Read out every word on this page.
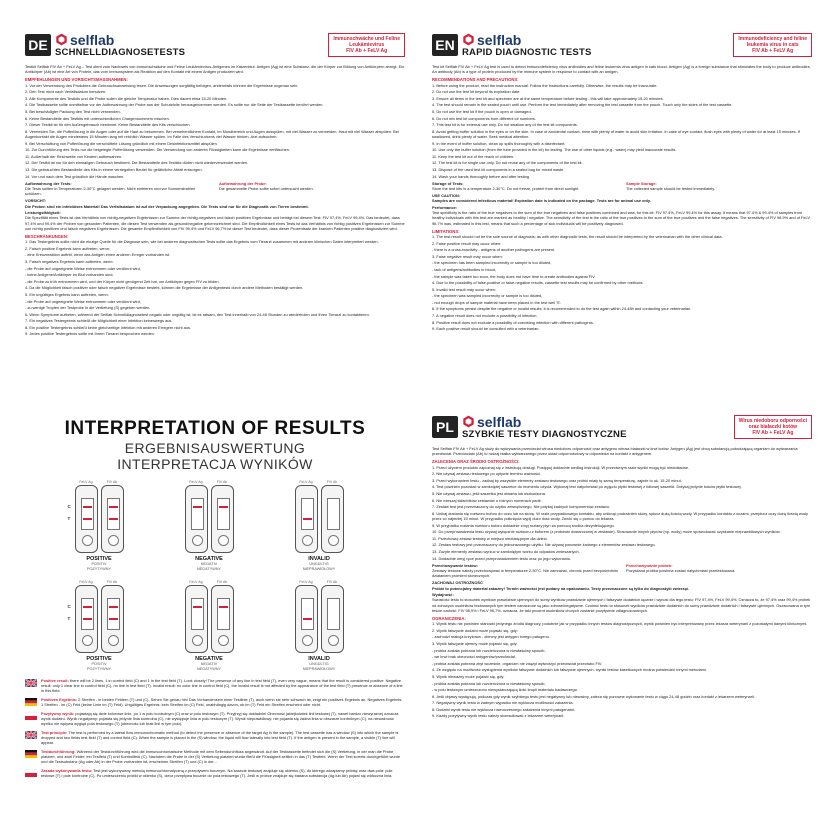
DE selflab
SCHNELLDIAGNOSETESTS
Immunschwäche und Feline
Leukämievirus
FIV Ab + FeLV Ag

Testkit Selflab FIV Ab + FeLV Ag – Test dient zum Nachweis von Immunschwäche und Feline Leukämievirus-Antigenen im Katzenblut. Antigen (Ag) ist eine Substanz, die der Körper zur Bildung von Antikörpern anregt. Ein Antikörper (Ab) ist eine Art von Protein, das vom Immunsystem als Reaktion auf den Kontakt mit einem Antigen produziert wird.

EMPFEHLUNGEN UND VORSICHTSMASSNAHMEN:

1. Vor der Verwendung des Produktes die Gebrauchsanweisung lesen. Die Anweisungen sorgfältig befolgen, andernfalls können die Ergebnisse ungenau sein.

2. Den Test nicht nach Verfallsdatum benutzen.

3. Alle Komponente des Testkits und die Probe sollen die gleiche Temperatur haben. Dies dauert etwa 15-20 Minuten.

4. Die Testkassette sollte unmittelbar vor der Aufbewahrung der Probe aus der Schutzfolie herausgenommen werden. Es sollte nur die Seite der Testkassette berührt werden.

5. Bei beschädigter Packung den Test nicht verwenden.

6. Keine Bestandteile des Testkits mit unterschiedlichen Chargennummern mischen.

7. Dieser Testkit ist für den Außengebrauch bestimmt. Keine Bestandteile des Kits verschlucken.

8. Vermeiden Sie, die Pufferlösung in die Augen oder auf die Haut zu bekommen. Bei versehentlichem Kontakt, im Mundbereich und Augen ausspülen, mit viel Wasser zu vermeiden. Haut mit viel Wasser abspülen. Bei Augenkontakt die Augen mindestens 15 Minuten lang mit reichlich Wasser spülen. Im Falle des Verschluckens viel Wasser trinken. Arzt aufsuchen.

9. Bei Verschüttung von Pufferlösung die verschüttete Lösung gründlich mit einem Desinfektionsmittel abspülen.

10. Zur Durchführung des Tests nur die beigelegte Pufferlösung verwenden. Die Verwendung von anderen Flüssigkeiten kann die Ergebnisse verfälschen.

11. Außerhalb der Reichweite von Kindern aufbewahren.

12. Der Testkit ist nur für den einmaligen Gebrauch bestimmt. Die Bestandteile des Testkits dürfen nicht wiederverwendet werden.

13. Die gebrauchten Bestandteile des Kits in einem verriegelten Beutel für gefährliche Abfall entsorgen.

14. Vor und nach dem Test gründlich die Hände waschen.

Aufbewahrung der Tests:
Die Tests sollten in Temperaturen 2-30°C gelagert werden. Nicht einfrieren und vor Sonnenstrahlen schützen.
Aufbewahrung der Probe:
Die gesammelte Probe sollte sofort untersucht werden.
VORSICHT:

Die Proben sind ein infektiöses Material! Das Verfallsdatum ist auf der Verpackung angegeben. Die Tests sind nur für die Diagnostik von Tieren bestimmt.

Leistungsfähigkeit:

Die Spezifität eines Tests ist das Verhältnis von richtig-negativen Ergebnissen zur Summe der richtig-negativen und falsch positiven Ergebnisse und beträgt bei diesem Test: FIV 97,4%, FeLV 99,4%. Das bedeutet, dass 97,4% und 99,4% der Proben von gesunden Patienten, die diesen Test verwenden als gesund/negative gekennzeichnet sind. Die Empfindlichkeit eines Tests ist das Verhältnis von richtig positiven Ergebnissen zur Summe von richtig positiven und falsch negativen Ergebnissen. Die gesamte Empfindlichkeit von FIV 99,4% und FeLV 96,7% ist dieser Test bedeutet, dass dieser Prozentsatz der kranken Patienten positive diagnostiziert wird.

BESCHRÄNKUNGEN:

1. Das Testergebnis sollte nicht die einzige Quelle für die Diagnose sein; wie bei anderen diagnostischen Tests sollte das Ergebnis vom Tierarzt zusammen mit anderen klinischen Daten interpretiert werden.

2. Falsch positive Ergebnis kann auftreten, wenn:

- eine Kreuzreaktion auftritt, wenn das Antigen einen anderen Erreger vorhanden ist.

3. Falsch negatives Ergebnis kann auftreten, wenn:

- die Probe auf ungeeignete Weise entnommen oder verdünnt wird,

- keine Antigene/Antikörper im Blut vorhanden sind,

- die Probe zu früh entnommen wird, und der Körper nicht genügend Zeit hat, um Antikörper gegen FIV zu bilden.

4. Da die Möglichkeit falsch positiver oder falsch negativer Ergebnisse besteht, können die Ergebnisse der Antigentests durch andere Methoden bestätigt werden.

5. Ein ungültiges Ergebnis kann auftreten, wenn:

- die Probe auf ungeeignete Weise entnommen oder verdünnt wird,

- zu wenige Tropfen der Testprobe in die Vertiefung (S) gegeben werden.

6. Wenn Symptome auftreten, während der Selflab Schnelldiagnosetest negativ oder ungültig ist, ist es ratsam, den Test innerhalb von 24-48 Stunden zu wiederholen und Ihren Tierarzt zu kontaktieren.

7. Ein negatives Testergebnis schließt die Möglichkeit einer Infektion keineswegs aus.

8. Ein positive Testergebnis schließt keine gleichzeitige Infektion mit anderen Erregern nicht aus.

9. Jedes positive Testergebnis sollte mit Ihrem Tierarzt besprochen werden.

EN selflab
RAPID DIAGNOSTIC TESTS
Immunodeficiency and feline
leukemia virus in cats
FIV Ab + FeLV Ag

Test kit Selflab FIV Ab + FeLV Ag test is used to detect immunodeficiency virus antibodies and feline leukemia virus antigen in cats blood. Antigen (Ag) is a foreign substance that stimulates the body to produce antibodies. An antibody (Ab) is a type of protein produced by the immune system in response to contact with an antigen.

RECOMMENDATIONS AND PRECAUTIONS:

1. Before using the product, read the instruction manual. Follow the instructions carefully. Otherwise, the results may be inaccurate.

2. Do not use the test kit beyond its expiration date.

3. Ensure all items in the test kit and specimen are at the same temperature before testing - this will take approximately 15-20 minutes.

4. The test should remain in the sealed pouch until use. Perform the test immediately after removing the test cassette from the pouch. Touch only the sides of the test cassette.

5. Do not use the test kit if the pouch is open or damaged.

6. Do not mix test kit components from different lot numbers.

7. This test kit is for external use only. Do not swallow any of the test kit components.

8. Avoid getting buffer solution in the eyes or on the skin. In case of accidental contact, rinse with plenty of water to avoid skin irritation. In case of eye contact, flush eyes with plenty of water for at least 15 minutes. If swallowed, drink plenty of water. Seek medical attention.

9. In the event of buffer solution, clean up spills thoroughly with a disinfectant.

10. Use only the buffer solution (from the tube provided in the kit) for testing. The use of other liquids (e.g., water) may yield inaccurate results.

11. Keep the test kit out of the reach of children.

12. The test kit is for single use only. Do not reuse any of the components of the test kit.

13. Dispose of the used test kit components in a sealed bag for mixed waste.

14. Wash your hands thoroughly before and after testing.

Storage of Tests:
Store the test kits in a temperature 2-30°C. Do not freeze, protect from direct sunlight.
Sample Storage:
The collected sample should be tested immediately.
USE CAUTION:

Samples are considered infectious material! Expiration date is indicated on the package. Tests are for animal use only.

Performance:

Test specificity is the ratio of the true negatives to the sum of the true negatives and false positives combined and was, for this kit: FIV 97.4%, FeLV 99.4% for this assay. It means that 97.4% & 99.4% of samples from healthy individuals with this test are marked as healthy / negative. The sensitivity of the test is the ratio of the true positives to the sum of the true positives and the false negatives. The sensitivity of FIV 98.9% and of FeLV 96.7% was, estimated in this test, means that such a percentage of sick individuals will be positively diagnosed.

LIMITATIONS:

1. The test result should not be the sole source of diagnosis; as with other diagnostic tests, the result should be interpreted by the veterinarian with the other clinical data.

2. False positive result may occur when:

- there is a cross-reactivity - antigens of another pathogens are present.

3. False negative result may occur when:

- the specimen has been sampled incorrectly or sample is too diluted,

- lack of antigens/antibodies in blood,

- the sample was taken too soon, the body does not have time to create antibodies against FIV.

4. Due to the possibility of false-positive or false-negative results, cassette test results may be confirmed by other methods.

5. Invalid test result may occur when:

- the specimen was sampled incorrectly or sample is too diluted,

- not enough drops of sample material have been placed in the test well 'S'.

6. If the symptoms persist despite the negative or invalid results, it is recommended to do the test again within 24-48h and contacting your veterinarian.

7. A negative result does not exclude a possibility of infection.

8. Positive result does not exclude a possibility of coexisting infection with different pathogens.

9. Each positive result should be consulted with a veterinarian.

INTERPRETATION OF RESULTS
ERGEBNISAUSWERTUNG
INTERPRETACJA WYNIKÓW
FeLV Ag
C
T
FIV Ab
POSITIVE
POSITIV
POZYTYWNY
FeLV Ag	FIV Ab
NEGATIVE
NEGATIV
NEGATYWNY
FeLV Ag	FIV Ab
INVALID
UNGÜLTIG
NIEPRAWIDŁOWY
FeLV Ag
C
T
FIV Ab
POSITIVE
POSITIV
POZYTYWNY
FeLV Ag	FIV Ab
NEGATIVE
NEGATIV
NEGATYWNY
FeLV Ag	FIV Ab
INVALID
UNGÜLTIG
NIEPRAWIDŁOWY
Positive result: there will be 2 lines, 1 in control field (C) and 1 in the test field (T). Look closely! The presence of any line in test field (T), even very vague, means that the result is considered positive. Negative result: only 1 clear line in control field (C), no line in test field (T). Invalid result: no color line in control field (C), the invalid result is not affected by the appearance of the test field (T) presence or absence of a line in this field.
Positives Ergebnis: 2 Streifen - in beiden Feldern (T) und (C). Sehen Sie genau hin! Das Vorhandensein einer Testlinie (T), auch wenn sie sehr schwach ist, zeigt ein positives Ergebnis an. Negatives Ergebnis: 1 Streifen - im (C) Feld (keine Linie im (T) Feld). Ungültiges Ergebnis: kein Streifen im (C) Feld, unabhängig davon, ob im (T) Feld ein Streifen erscheint oder nicht.
Pozytywny wynik: pojawiają się dwie kolorowe linie, po 1 w polu kontrolnym (C) oraz w polu testowym (T). Przyjrzyj się dokładnie! Obecność jakiejkolwiek linii testowej (T), nawet bardzo niewyraźnej oznacza wynik dodatni. Wynik negatywny: pojawia się jedynie linia kontrolna (C), nie występuje linia w polu testowym (T). Wynik nieprawidłowy: nie pojawia się żadna linia w obszarze kontrolnym (C), na nieważność wyniku nie wpływa wygląd pola testowego (T) (obecność lub brak linii w tym polu).
Test principle: The test is performed by a lateral flow immunochromatic method (to detect the presence or absence of the target Ag in the sample). The test cassette has a window (S) into which the sample is dropped and two fields test field (T) and control field (C). When the sample is placed in the (S) window, the liquid will flow laterally into test field (T). If the antigen is present in the sample, a visible (T) line will appear.
Testdurchführung: Während der Testdurchführung wird die immunochromatische Methode mit dem Seitendurchfluss angewandt. Auf der Testkassette befindet sich die (S) Vertiefung, in der man die Probe platziert, und zwei Felder: ein Testfeld (T) und Kontrollfeld (C). Nachdem die Probe in der (S) Vertiefung platziert wurde fließt die Flüssigkeit seitlich in das (T) Testfeld. Wenn der Test korrekt durchgeführt wurde und die Testsubstanz (Ag oder Ab) in der Probe vorhanden ist, erscheinen Streifen (T) und (C) in der...
Zasada wykonywania testu: Test jest wykonywany metodą immunochromatyczną z przepływem bocznym. Na kasecie testowej znajduje się okienko (S), do którego wkraplamy próbkę oraz dwa pola: pole testowe (T) i pole kontrolne (C). Po umieszczeniu próbki w okienku (S), ciecz przepływa bocznie do pola testowego (T). Jeśli w próbce znajduje się badana substancja (Ag lub Ab) pojawi się widoczna linia.
PL selflab
SZYBKIE TESTY DIAGNOSTYCZNE
Wirus niedoboru odporności
oraz białaczki kotów
FIV Ab + FeLV Ag

Test Selflab FIV Ab + FeLV Ag służy do wykrywania przeciwciał wirusa niedoboru odporności oraz antygenu wirusa białaczki w krwi kotów. Antygen (Ag) jest obcą substancją pobudzającą organizm do wytwarzania przeciwciał. Przeciwciało (Ab) to rodzaj białka wytwarzanego przez układ odpornościowy w odpowiedzi na kontakt z antygenem.

ZALECENIA ORAZ ŚRODKI OSTROŻNOŚCI:

1. Przed użyciem produktu zapoznaj się z instrukcją obsługi. Postępuj dokładnie według instrukcji. W przeciwnym razie wyniki mogą być niedokładne.

2. Nie używaj zestawu testowego po upływie terminu ważności.

3. Przed wykonaniem testu - zadbaj by wszystkie elementy zestawu testowego oraz próbki miały tę samą temperaturę, zajmie to ok. 15-20 minut.

4. Test powinien pozostać w zamkniętej saszetce do momentu użycia. Wykonaj test natychmiast po wyjęciu płytki testowej z foliowej saszetki. Dotykaj jedynie boków płytki testowej.

5. Nie używaj zestawu, jeśli saszetka jest otwarta lub uszkodzona.

6. Nie mieszaj składników zestawów o różnych numerach partii.

7. Zestaw test jest przeznaczony do użytku zewnętrznego. Nie połykaj żadnych komponentów zestawu.

8. Unikaj dostania się roztworu buforu do oczu lub na skórę. W razie przypadkowego kontaktu, aby uniknąć podrażnień skóry, spłucz dużą ilością wody. W przypadku kontaktu z oczami, przepłucz oczy dużą ilością wody przez co najmniej 15 minut. W przypadku połknięcia wypij dużo ilość wody. Zwróć się o pomoc do lekarza.

9. W przypadku rozlania roztworu buforu dokładnie zmyj rozlany płyn za pomocą środka dezynfekującego.

10. Do przeprowadzenia testu używaj wyłącznie roztworu z buforem (z probówki dostarczonej w zestawie). Stosowanie innych płynów (np. wody) może spowodować uzyskanie nieprawidłowych wyników.

11. Przechowuj zestaw testowy w miejscu niedostępnym dla dzieci.

12. Zestaw testowy jest przeznaczony do jednorazowego użytku. Nie używaj ponownie żadnego z elementów zestawu testowego.

13. Zużyte elementy zestawu wyrzuć w zamkniętym worku do odpadów zmieszanych.

14. Dokładnie umyj ręce przed przeprowadzeniem testu oraz po jego wykonaniu.

Przechowywanie testów:
Zestawy testowe należy przechowywać w temperaturze 2-30°C. Nie zamrażać, chronić przed bezpośrednim działaniem promieni słonecznych.
Przechowywanie próbek:
Pozyskana próbka powinna zostać natychmiast przetestowana.
ZACHOWAJ OSTROŻNOŚĆ

Próbki to potencjalny materiał zakaźny! Termin ważności jest podany na opakowaniu. Testy przeznaczone są tylko do diagnostyki zwierząt.

Wydajność:

Swoistość testu to stosunek wyników prawdziwie ujemnych do sumy wyników prawdziwie ujemnych i fałszywie dodatnich łącznie i wynosi dla tego testu: FIV 97,4%, FeLV 99,4%. Oznacza to, że 97,4% oraz 99,4% próbek od zdrowych osobników testowanych tym testem oznaczone są jako zdrowe/negatywne. Czułość testu to stosunek wyników prawdziwie dodatnich do sumy prawdziwie dodatnich i fałszywie ujemnych. Oszacowana w tym teście czułość: FIV 98,9% i FeLV 96,7%, oznacza, że taki procent osobników chorych zostanie pozytywnie zdiagnozowanych.

OGRANICZENIA:

1. Wynik testu nie powinien stanowić jedynego źródła diagnozy, podobnie jak w przypadku innych testów diagnostycznych, wynik powinien być interpretowany przez lekarza weterynarii z pozostałymi danymi klinicznymi.

2. Wynik fałszywie dodatni może pojawić się, gdy:

- zachodzi reakcja krzyżowa - obecny jest antygen innego patogenu.

3. Wynik fałszywie ujemny może pojawić się, gdy:

- próbka została pobrana lub rozcieńczona w niewłaściwy sposób,

- we krwi brak obecności antygenów/przeciwciał,

- próbka została pobrana zbyt wcześnie, organizm nie zdążył wytworzyć przeciwciał przeciwko FIV.

4. Ze względu na możliwość wystąpienia wyników fałszywie dodatnich lub fałszywie ujemnych, wyniki testów kasetkowych można potwierdzić innymi metodami.

5. Wynik nieważny może pojawić się, gdy:

- próbka została pobrana lub rozcieńczona w niewłaściwy sposób,

- w polu testowym umieszczono niewystarczającą ilość kropli materiału badawczego.

6. Jeśli objawy występują, podczas gdy wynik szybkiego testu jest negatywny lub nieważny, zaleca się ponowne wykonanie testu w ciągu 24-48 godzin oraz kontakt z lekarzem weterynarii.

7. Negatywny wynik testu w żadnym wypadku nie wyklucza możliwości zakażenia.

8. Dodatni wynik testu nie wyklucza równoczesnego zakażenia innymi patogenami.

9. Każdy pozytywny wynik testu należy skonsultować z lekarzem weterynarii.
